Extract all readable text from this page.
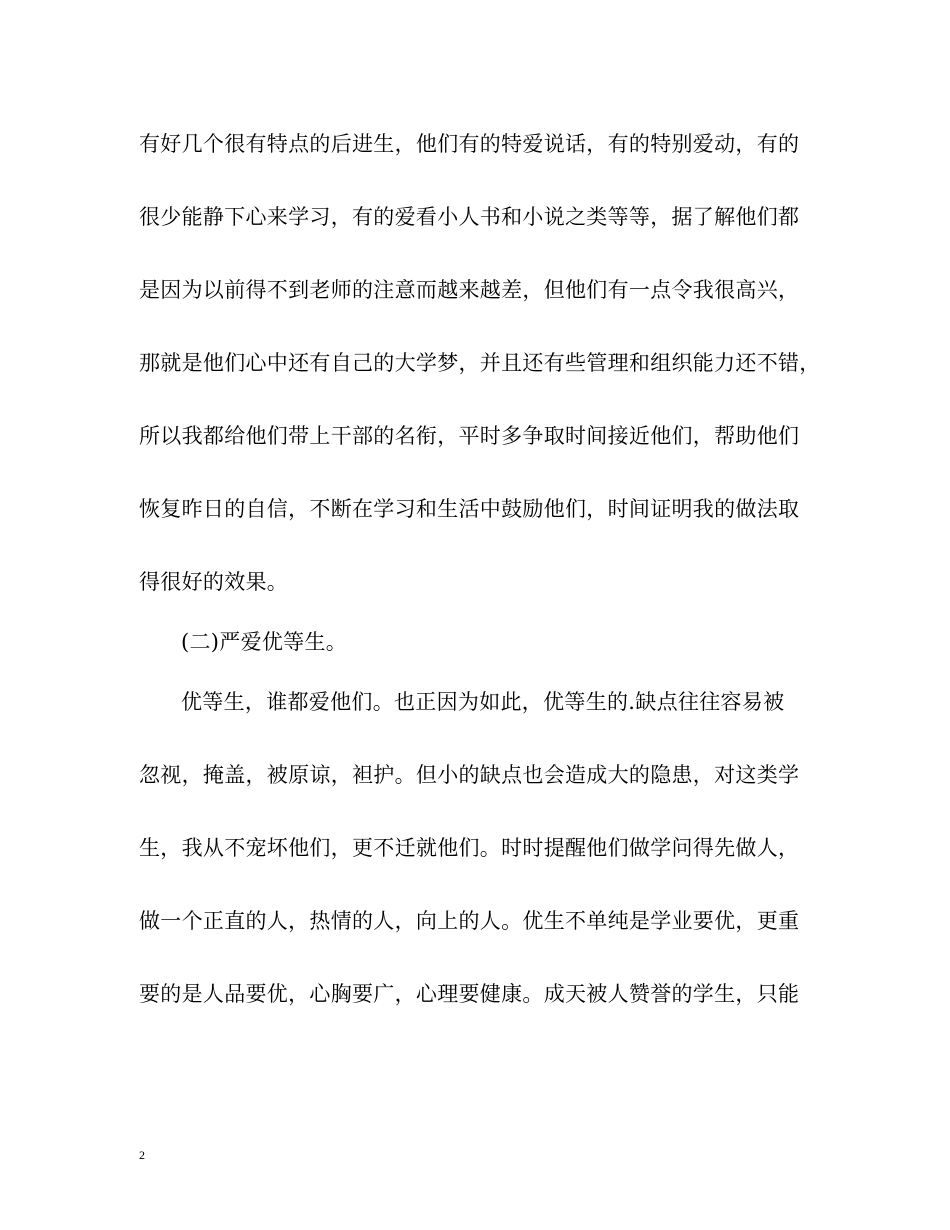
有好几个很有特点的后进生，他们有的特爱说话，有的特别爱动，有的
很少能静下心来学习，有的爱看小人书和小说之类等等，据了解他们都
是因为以前得不到老师的注意而越来越差，但他们有一点令我很高兴，
那就是他们心中还有自己的大学梦，并且还有些管理和组织能力还不错，
所以我都给他们带上干部的名衔，平时多争取时间接近他们，帮助他们
恢复昨日的自信，不断在学习和生活中鼓励他们，时间证明我的做法取
得很好的效果。
(二)严爱优等生。
优等生，谁都爱他们。也正因为如此，优等生的.缺点往往容易被
忽视，掩盖，被原谅，袒护。但小的缺点也会造成大的隐患，对这类学
生，我从不宠坏他们，更不迁就他们。时时提醒他们做学问得先做人，
做一个正直的人，热情的人，向上的人。优生不单纯是学业要优，更重
要的是人品要优，心胸要广，心理要健康。成天被人赞誉的学生，只能
2
